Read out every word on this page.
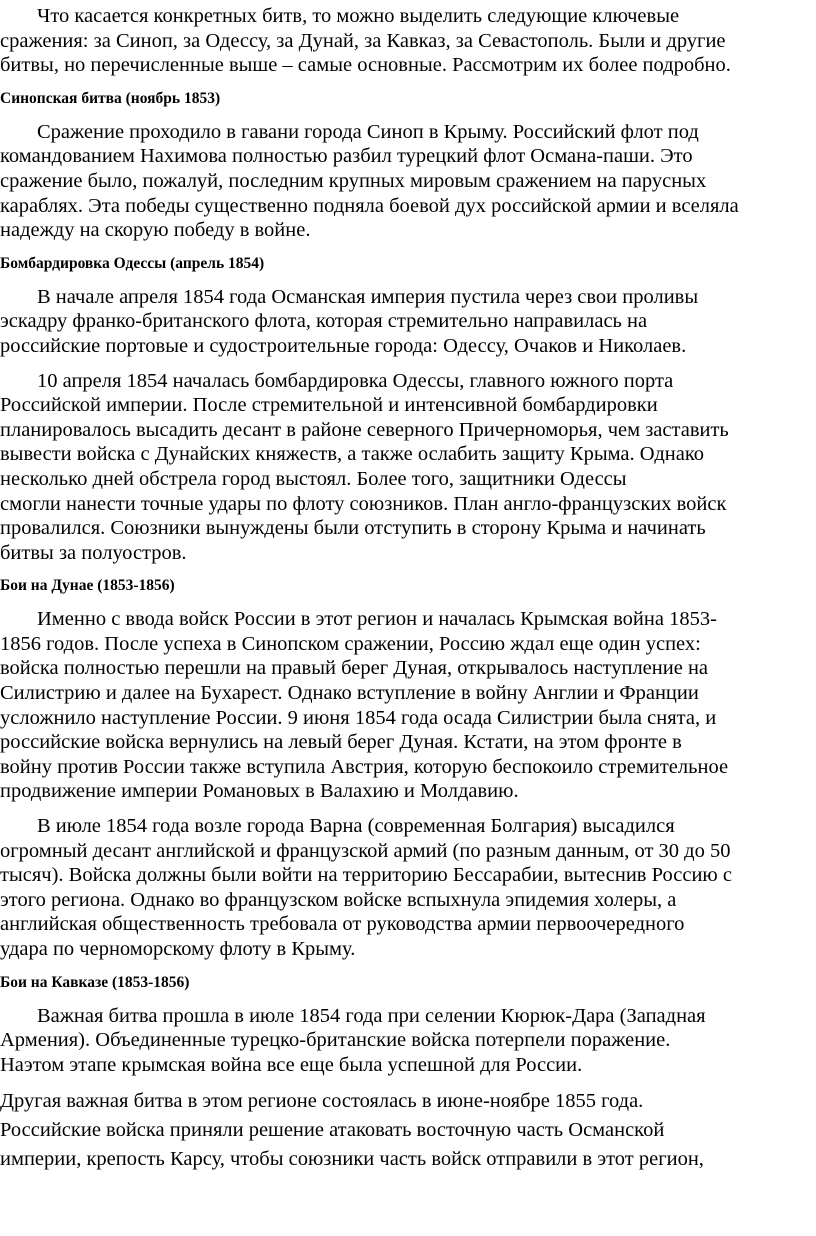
Что касается конкретных битв, то можно выделить следующие ключевые
сражения: за Синоп, за Одессу, за Дунай, за Кавказ, за Севастополь. Были и другие
битвы, но перечисленные выше – самые основные. Рассмотрим их более подробно.
Синопская битва (ноябрь 1853)
Сражение проходило в гавани города Синоп в Крыму. Российский флот под
командованием Нахимова полностью разбил турецкий флот Османа-паши. Это
сражение было, пожалуй, последним крупных мировым сражением на парусных
караблях. Эта победы существенно подняла боевой дух российской армии и вселяла
надежду на скорую победу в войне.
Бомбардировка Одессы (апрель 1854)
В начале апреля 1854 года Османская империя пустила через свои проливы
эскадру франко-британского флота, которая стремительно направилась на
российские портовые и судостроительные города: Одессу, Очаков и Николаев.
10 апреля 1854 началась бомбардировка Одессы, главного южного порта
Российской империи. После стремительной и интенсивной бомбардировки
планировалось высадить десант в районе северного Причерноморья, чем заставить
вывести войска с Дунайских княжеств, а также ослабить защиту Крыма. Однако
несколько дней обстрела город выстоял. Более того, защитники Одессы
смогли нанести точные удары по флоту союзников. План англо-французских войск
провалился. Союзники вынуждены были отступить в сторону Крыма и начинать
битвы за полуостров.
Бои на Дунае (1853-1856)
Именно с ввода войск России в этот регион и началась Крымская война 1853-
1856 годов. После успеха в Синопском сражении, Россию ждал еще один успех:
войска полностью перешли на правый берег Дуная, открывалось наступление на
Силистрию и далее на Бухарест. Однако вступление в войну Англии и Франции
усложнило наступление России. 9 июня 1854 года осада Силистрии была снята, и
российские войска вернулись на левый берег Дуная. Кстати, на этом фронте в
войну против России также вступила Австрия, которую беспокоило стремительное
продвижение империи Романовых в Валахию и Молдавию.
В июле 1854 года возле города Варна (современная Болгария) высадился
огромный десант английской и французской армий (по разным данным, от 30 до 50
тысяч). Войска должны были войти на территорию Бессарабии, вытеснив Россию с
этого региона. Однако во французском войске вспыхнула эпидемия холеры, а
английская общественность требовала от руководства армии первоочередного
удара по черноморскому флоту в Крыму.
Бои на Кавказе (1853-1856)
Важная битва прошла в июле 1854 года при селении Кюрюк-Дара (Западная
Армения). Объединенные турецко-британские войска потерпели поражение.
Наэтом этапе крымская война все еще была успешной для России.
Другая важная битва в этом регионе состоялась в июне-ноябре 1855 года.
Российские войска приняли решение атаковать восточную часть Османской
империи, крепость Карсу, чтобы союзники часть войск отправили в этот регион,
